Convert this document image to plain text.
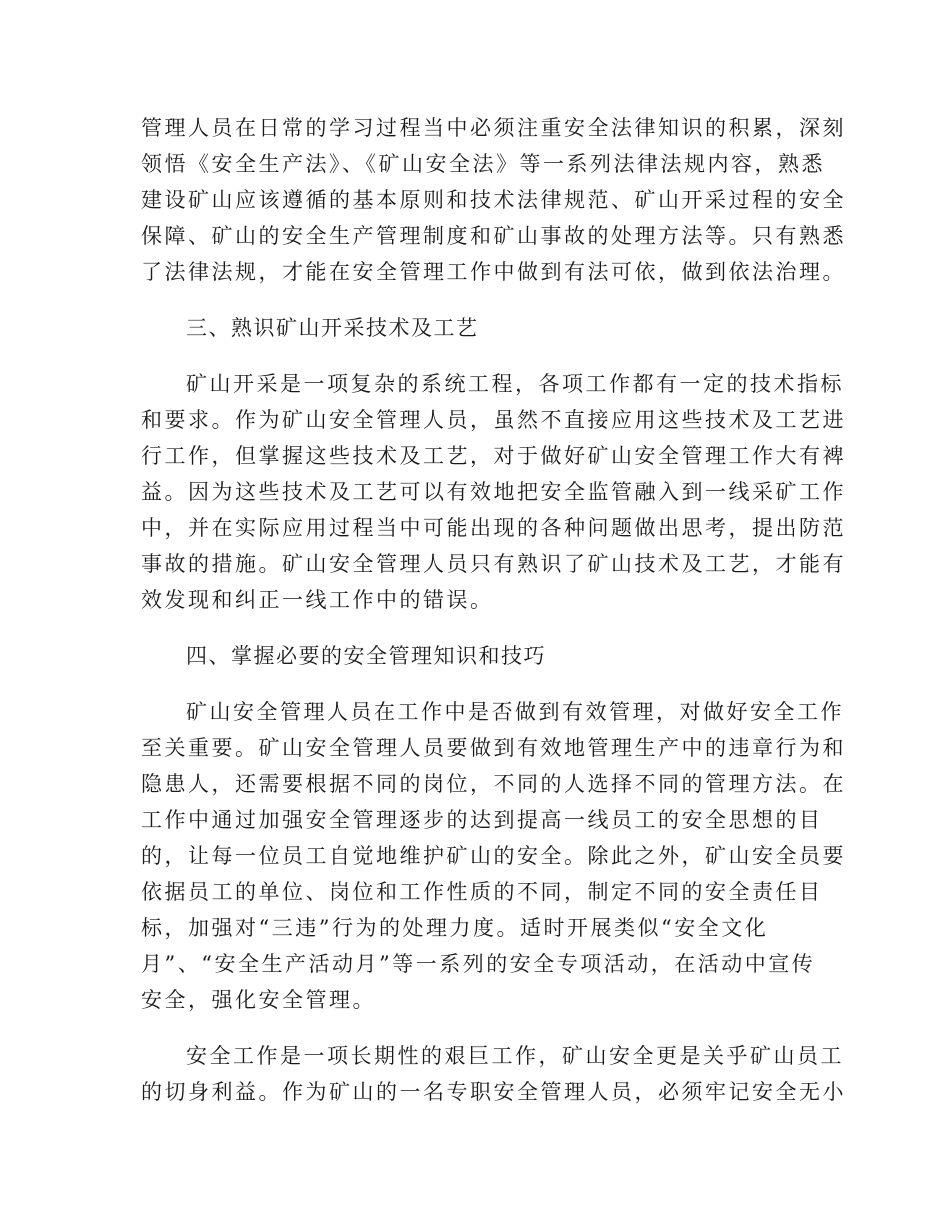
管理人员在日常的学习过程当中必须注重安全法律知识的积累，深刻
领悟《安全生产法》、《矿山安全法》等一系列法律法规内容，熟悉
建设矿山应该遵循的基本原则和技术法律规范、矿山开采过程的安全
保障、矿山的安全生产管理制度和矿山事故的处理方法等。只有熟悉
了法律法规，才能在安全管理工作中做到有法可依，做到依法治理。
三、熟识矿山开采技术及工艺
矿山开采是一项复杂的系统工程，各项工作都有一定的技术指标
和要求。作为矿山安全管理人员，虽然不直接应用这些技术及工艺进
行工作，但掌握这些技术及工艺，对于做好矿山安全管理工作大有裨
益。因为这些技术及工艺可以有效地把安全监管融入到一线采矿工作
中，并在实际应用过程当中可能出现的各种问题做出思考，提出防范
事故的措施。矿山安全管理人员只有熟识了矿山技术及工艺，才能有
效发现和纠正一线工作中的错误。
四、掌握必要的安全管理知识和技巧
矿山安全管理人员在工作中是否做到有效管理，对做好安全工作
至关重要。矿山安全管理人员要做到有效地管理生产中的违章行为和
隐患人，还需要根据不同的岗位，不同的人选择不同的管理方法。在
工作中通过加强安全管理逐步的达到提高一线员工的安全思想的目
的，让每一位员工自觉地维护矿山的安全。除此之外，矿山安全员要
依据员工的单位、岗位和工作性质的不同，制定不同的安全责任目
标，加强对“三违”行为的处理力度。适时开展类似“安全文化
月”、“安全生产活动月”等一系列的安全专项活动，在活动中宣传
安全，强化安全管理。
安全工作是一项长期性的艰巨工作，矿山安全更是关乎矿山员工
的切身利益。作为矿山的一名专职安全管理人员，必须牢记安全无小
